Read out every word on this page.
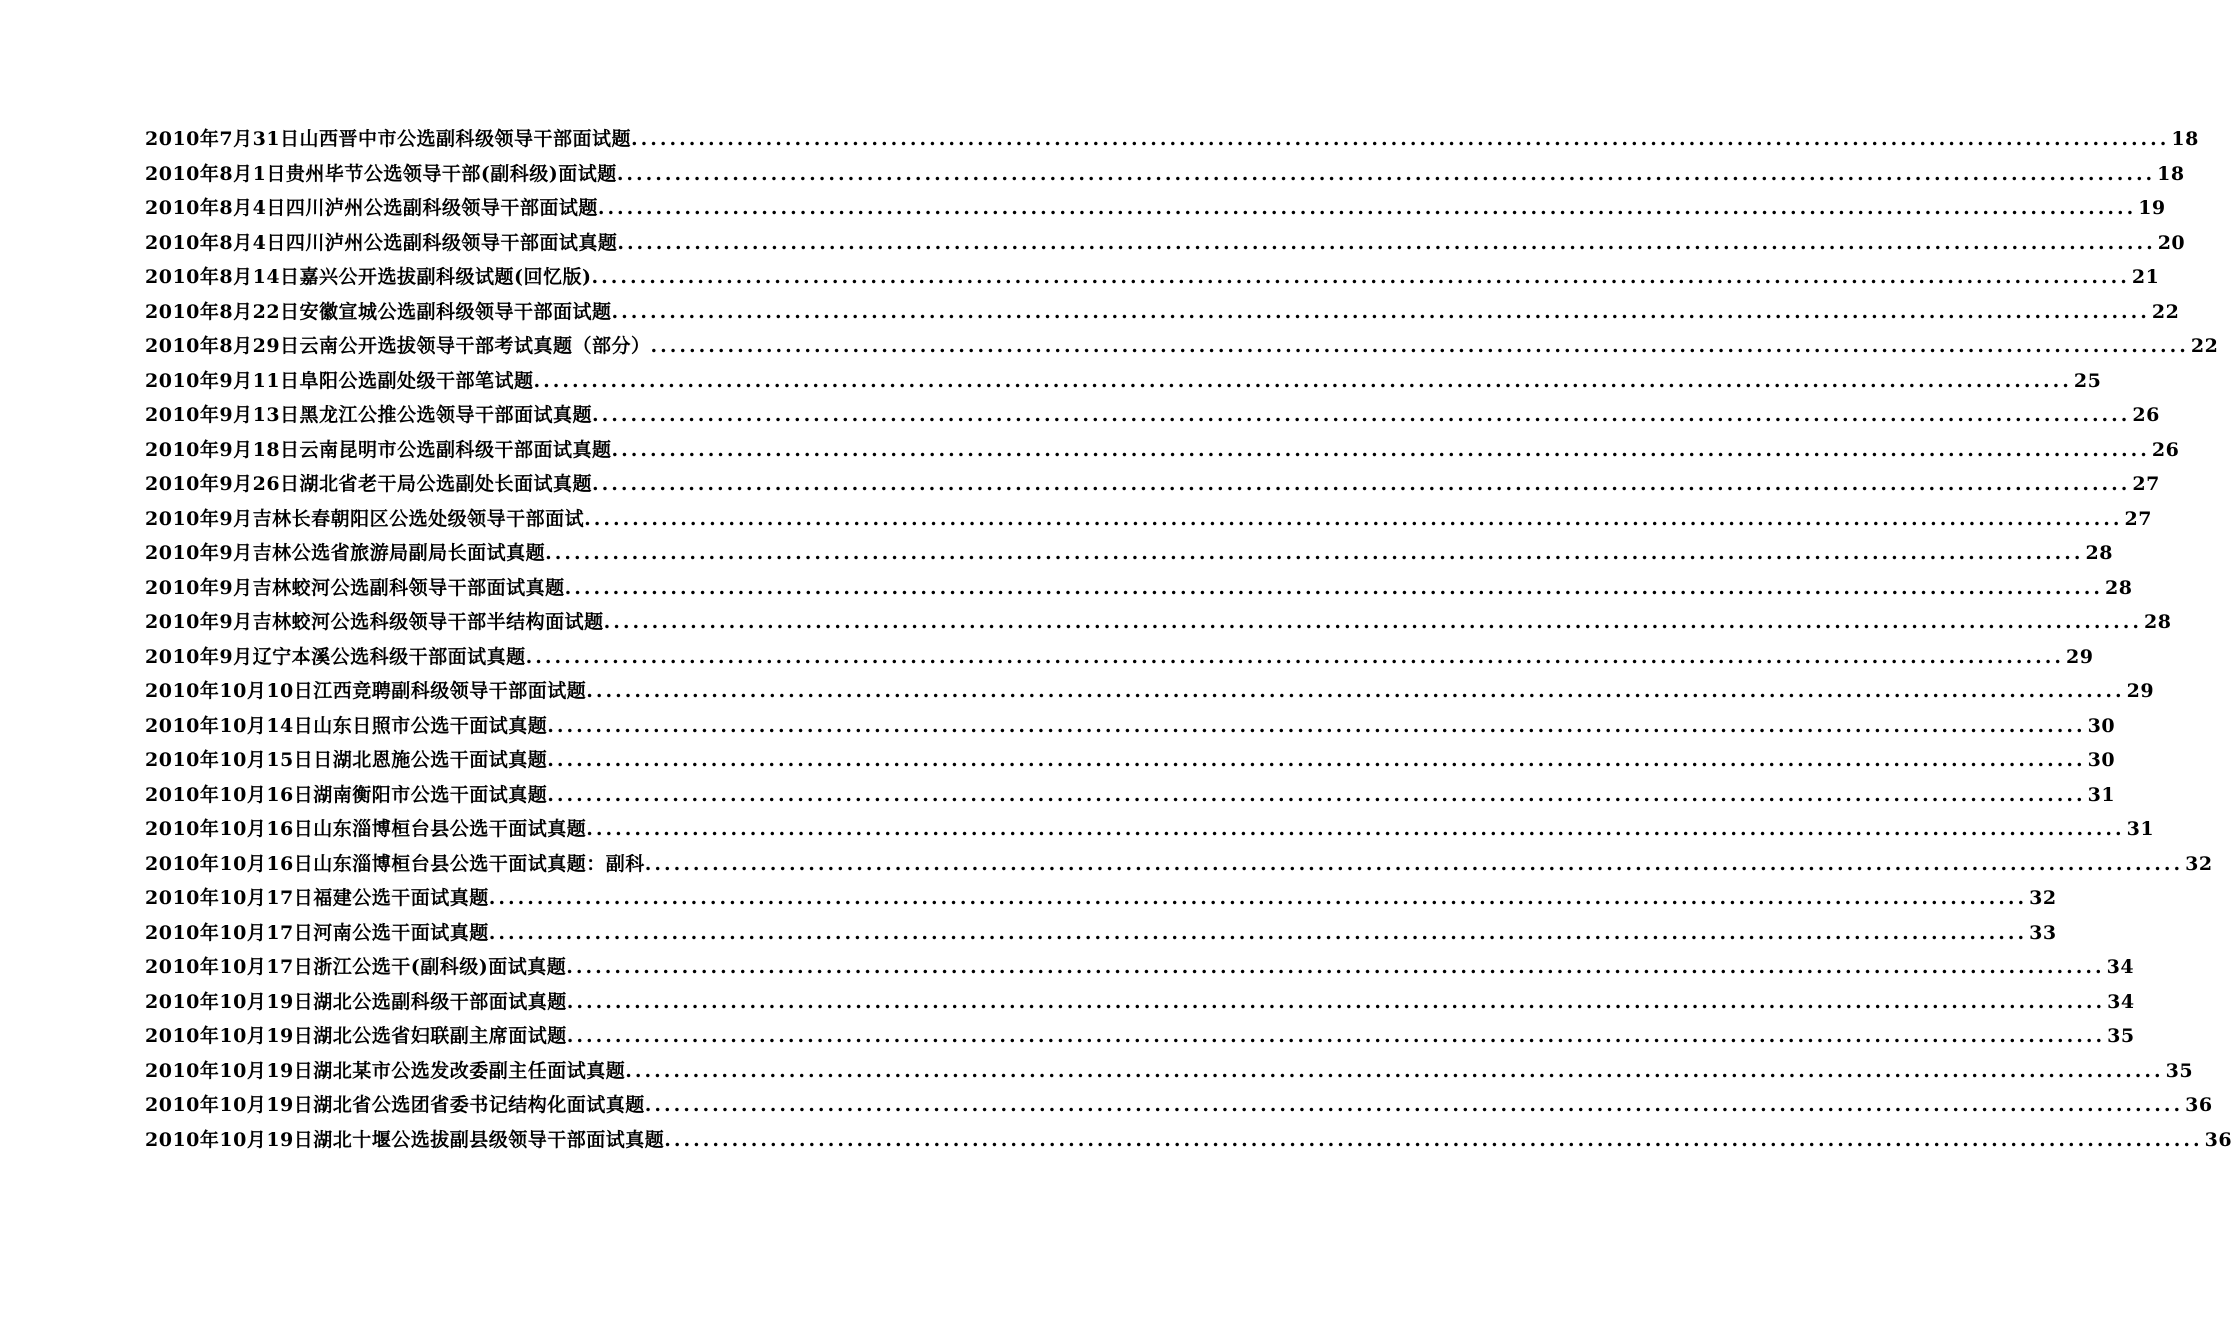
2010年7月31日山西晋中市公选副科级领导干部面试题 ................................................................................................................................................................ 18
2010年8月1日贵州毕节公选领导干部(副科级)面试题 ................................................................................................................................................................ 18
2010年8月4日四川泸州公选副科级领导干部面试题 ................................................................................................................................................................ 19
2010年8月4日四川泸州公选副科级领导干部面试真题 ................................................................................................................................................................ 20
2010年8月14日嘉兴公开选拔副科级试题(回忆版) ................................................................................................................................................................ 21
2010年8月22日安徽宣城公选副科级领导干部面试题 ................................................................................................................................................................ 22
2010年8月29日云南公开选拔领导干部考试真题（部分） ................................................................................................................................................................ 22
2010年9月11日阜阳公选副处级干部笔试题 ................................................................................................................................................................ 25
2010年9月13日黑龙江公推公选领导干部面试真题 ................................................................................................................................................................ 26
2010年9月18日云南昆明市公选副科级干部面试真题 ................................................................................................................................................................ 26
2010年9月26日湖北省老干局公选副处长面试真题 ................................................................................................................................................................ 27
2010年9月吉林长春朝阳区公选处级领导干部面试 ................................................................................................................................................................ 27
2010年9月吉林公选省旅游局副局长面试真题 ................................................................................................................................................................ 28
2010年9月吉林蛟河公选副科领导干部面试真题 ................................................................................................................................................................ 28
2010年9月吉林蛟河公选科级领导干部半结构面试题 ................................................................................................................................................................ 28
2010年9月辽宁本溪公选科级干部面试真题 ................................................................................................................................................................ 29
2010年10月10日江西竞聘副科级领导干部面试题 ................................................................................................................................................................ 29
2010年10月14日山东日照市公选干面试真题 ................................................................................................................................................................ 30
2010年10月15日日湖北恩施公选干面试真题 ................................................................................................................................................................ 30
2010年10月16日湖南衡阳市公选干面试真题 ................................................................................................................................................................ 31
2010年10月16日山东淄博桓台县公选干面试真题 ................................................................................................................................................................ 31
2010年10月16日山东淄博桓台县公选干面试真题：副科 ................................................................................................................................................................ 32
2010年10月17日福建公选干面试真题 ................................................................................................................................................................ 32
2010年10月17日河南公选干面试真题 ................................................................................................................................................................ 33
2010年10月17日浙江公选干(副科级)面试真题 ................................................................................................................................................................ 34
2010年10月19日湖北公选副科级干部面试真题 ................................................................................................................................................................ 34
2010年10月19日湖北公选省妇联副主席面试题 ................................................................................................................................................................ 35
2010年10月19日湖北某市公选发改委副主任面试真题 ................................................................................................................................................................ 35
2010年10月19日湖北省公选团省委书记结构化面试真题 ................................................................................................................................................................ 36
2010年10月19日湖北十堰公选拔副县级领导干部面试真题 ................................................................................................................................................................ 36
